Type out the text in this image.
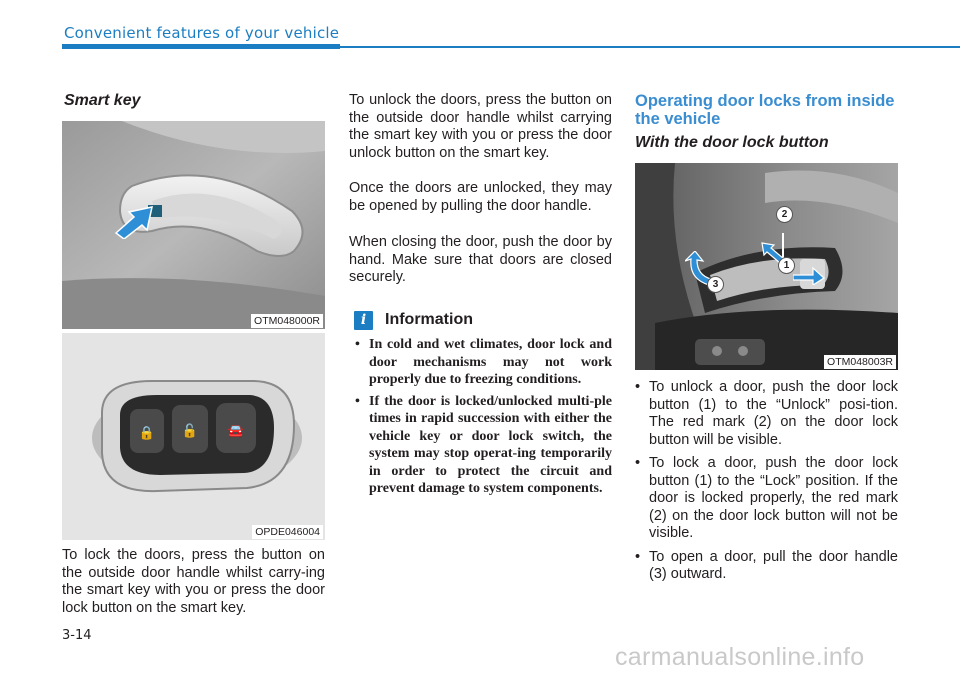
Convenient features of your vehicle
Smart key
OTM048000R
🔒 🔓 🚘
OPDE046004

To lock the doors, press the button on the outside door handle whilst carry-ing the smart key with you or press the door lock button on the smart key.

To unlock the doors, press the button on the outside door handle whilst carrying the smart key with you or press the door unlock button on the smart key.

Once the doors are unlocked, they may be opened by pulling the door handle.

When closing the door, push the door by hand. Make sure that doors are closed securely.

i	Information
• In cold and wet climates, door lock and door mechanisms may not work properly due to freezing conditions.
• If the door is locked/unlocked multi-ple times in rapid succession with either the vehicle key or door lock switch, the system may stop operat-ing temporarily in order to protect the circuit and prevent damage to system components.
Operating door locks from inside the vehicle
With the door lock button
2
1
3
OTM048003R
• To unlock a door, push the door lock button (1) to the “Unlock” posi-tion. The red mark (2) on the door lock button will be visible.
• To lock a door, push the door lock button (1) to the “Lock” position. If the door is locked properly, the red mark (2) on the door lock button will not be visible.
• To open a door, pull the door handle (3) outward.
3-14
carmanualsonline.info
